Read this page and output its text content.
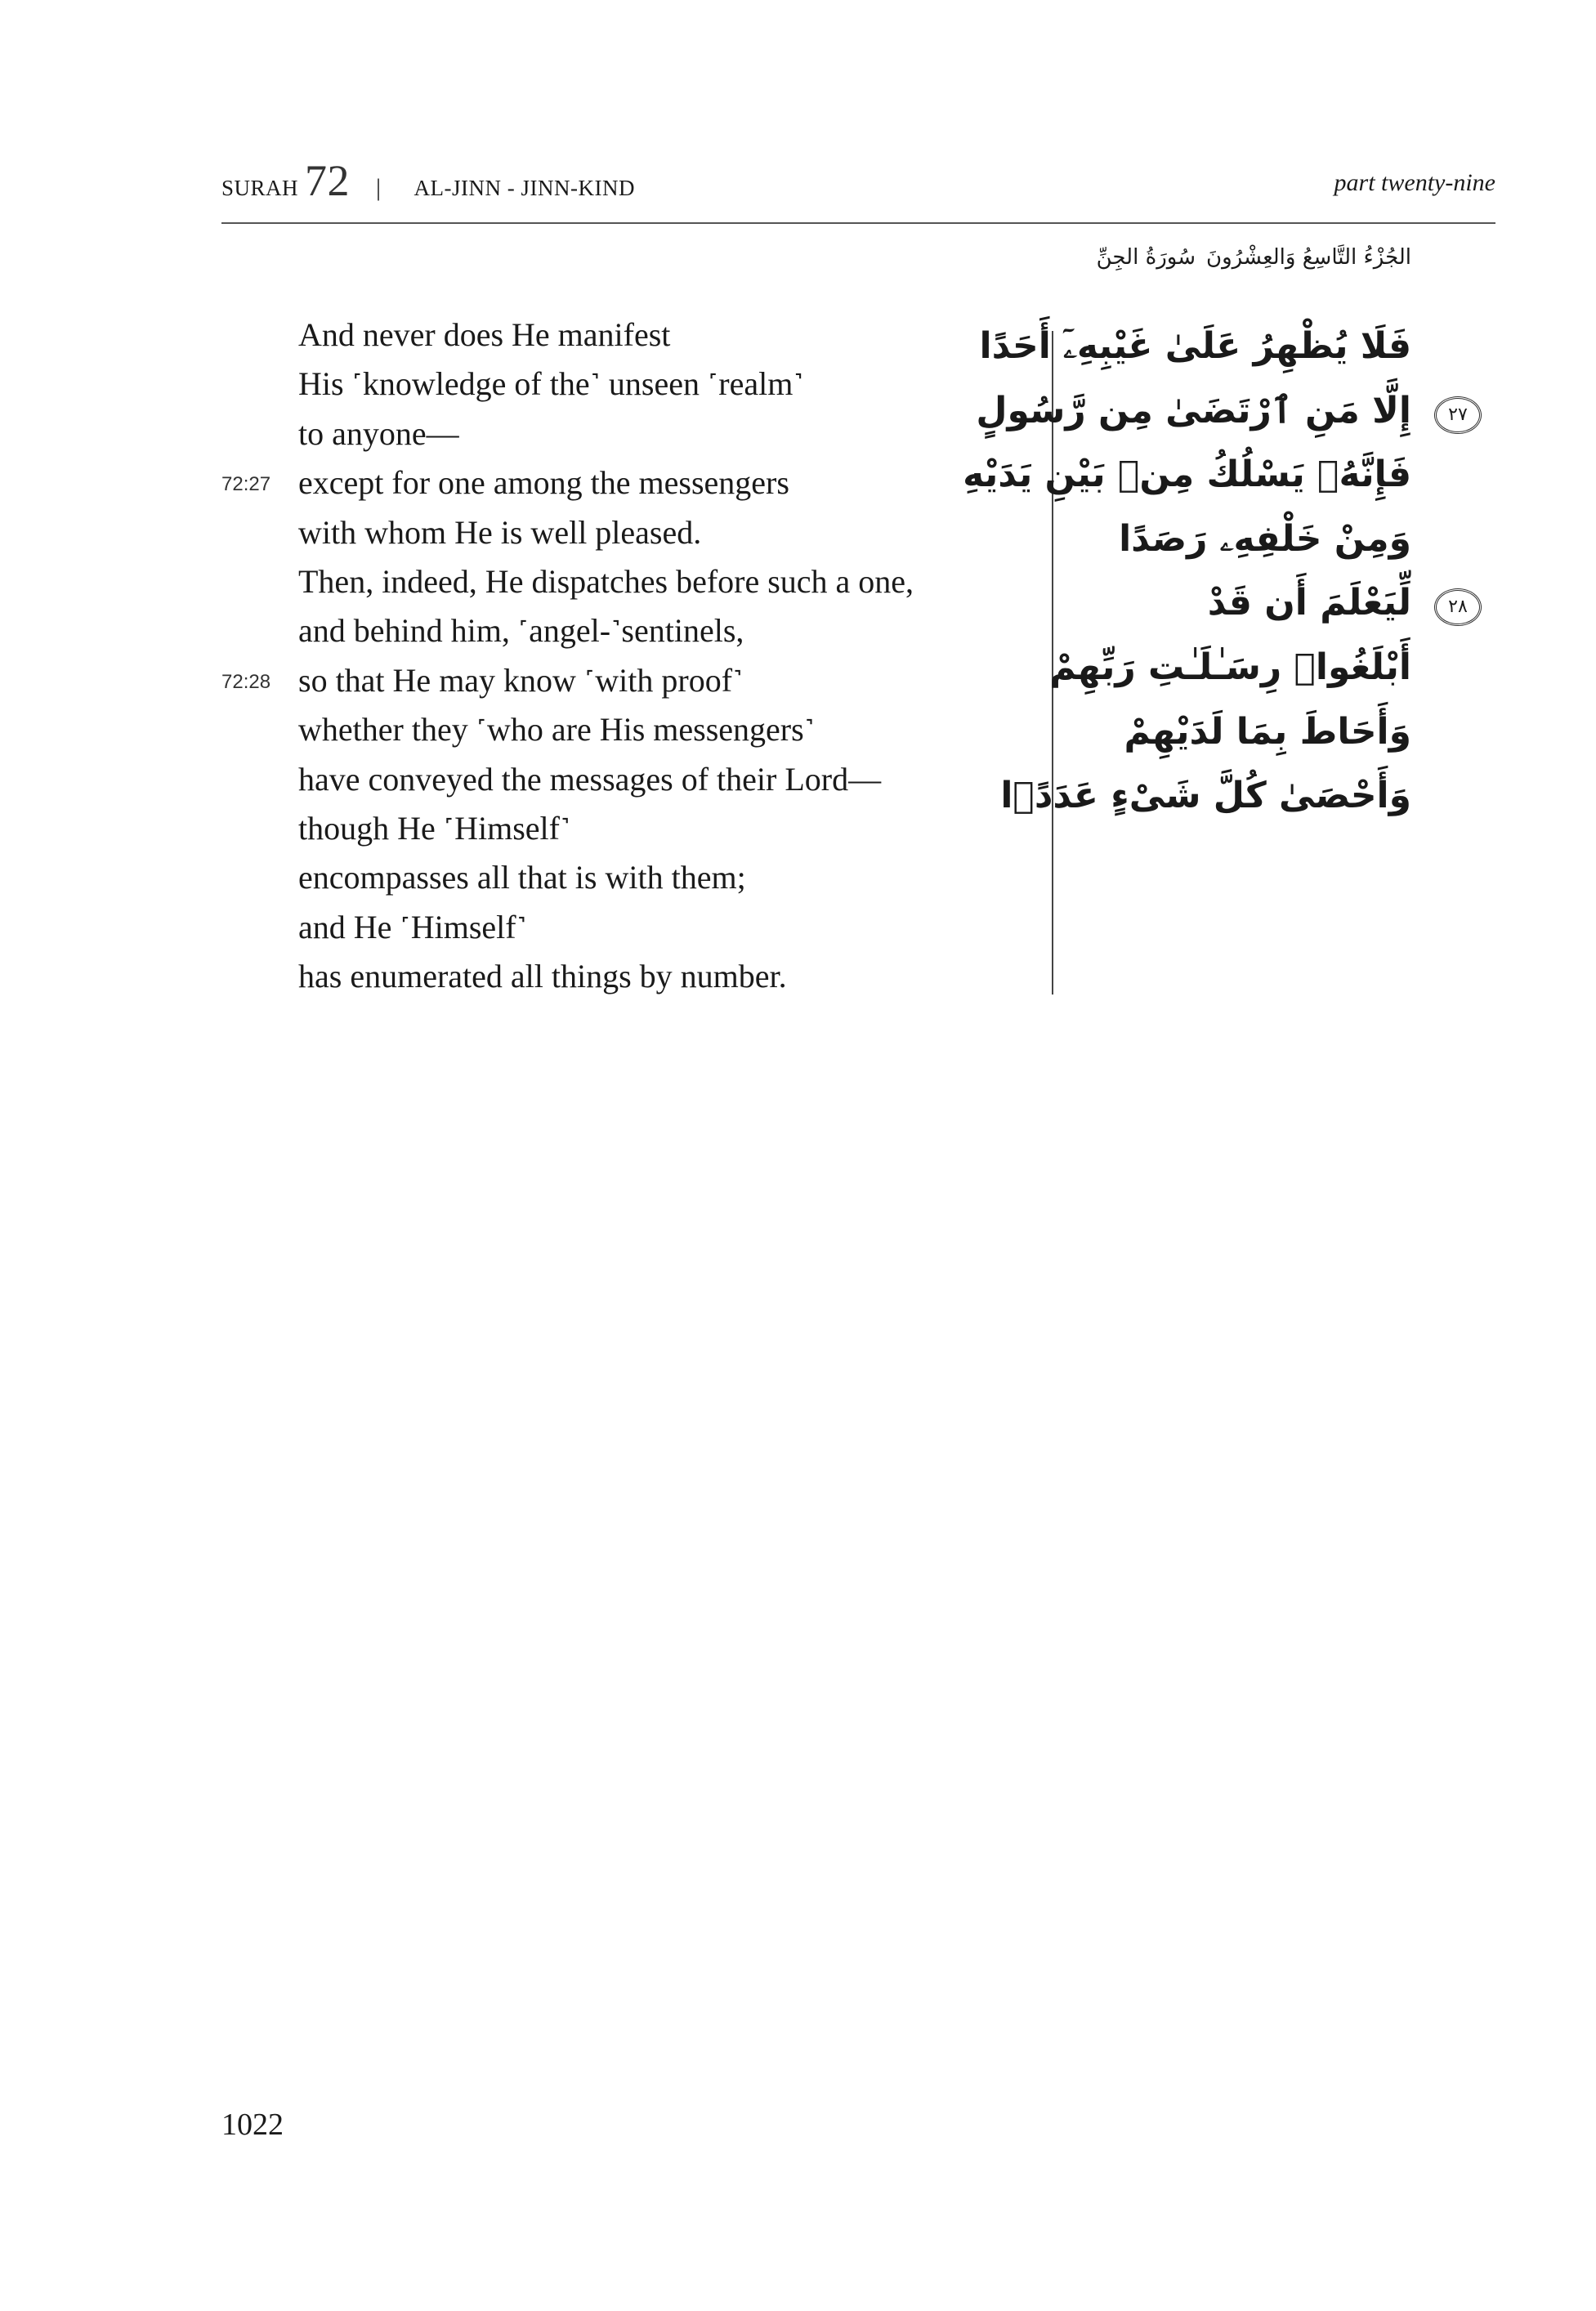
SURAH 72 | AL-JINN - JINN-KIND	part twenty-nine
الجُزْءُ التَّاسِعُ وَالعِشْرُونَ
سُورَةُ الجِنِّ
And never does He manifest
His ˹knowledge of the˺ unseen ˹realm˺
to anyone—
72:27 except for one among the messengers
with whom He is well pleased.
Then, indeed, He dispatches before such a one,
and behind him, ˹angel-˺sentinels,
72:28 so that He may know ˹with proof˺
whether they ˹who are His messengers˺
have conveyed the messages of their Lord—
though He ˹Himself˺
encompasses all that is with them;
and He ˹Himself˺
has enumerated all things by number.
فَلَا يُظْهِرُ عَلَىٰ غَيْبِهِۦٓ أَحَدًا
إِلَّا مَنِ ٱرْتَضَىٰ مِن رَّسُولٍ
فَإِنَّهُۥ يَسْلُكُ مِنۢ بَيْنِ يَدَيْهِ
وَمِنْ خَلْفِهِۦ رَصَدًا
لِّيَعْلَمَ أَن قَدْ
أَبْلَغُوا۟ رِسَـٰلَـٰتِ رَبِّهِمْ
وَأَحَاطَ بِمَا لَدَيْهِمْ
وَأَحْصَىٰ كُلَّ شَىْءٍ عَدَدًۢا
٢٧
٢٨
1022
